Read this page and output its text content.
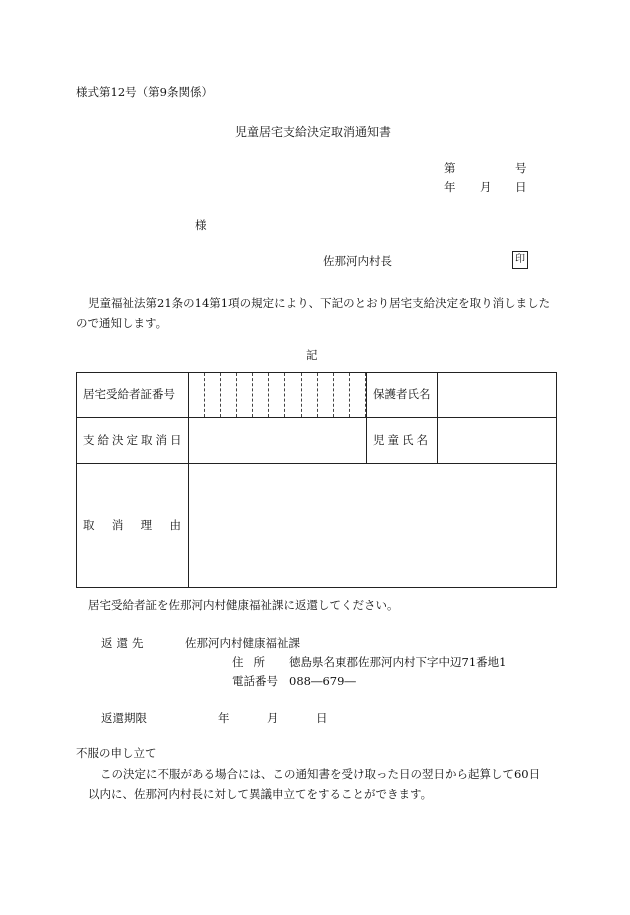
様式第12号（第9条関係）
児童居宅支給決定取消通知書
第	号
年 月 日
様
佐那河内村長	印
児童福祉法第21条の14第1項の規定により、下記のとおり居宅支給決定を取り消しましたので通知します。
記
居宅受給者証番号		保護者氏名	
支給決定取消日		児童氏名	

取 消 理 由			

居宅受給者証を佐那河内村健康福祉課に返還してください。
返還先	佐那河内村健康福祉課
住所 徳島県名東郡佐那河内村下字中辺71番地1
電話番号 088―679―
返還期限	年	月	日
不服の申し立て
この決定に不服がある場合には、この通知書を受け取った日の翌日から起算して60日
以内に、佐那河内村長に対して異議申立てをすることができます。
